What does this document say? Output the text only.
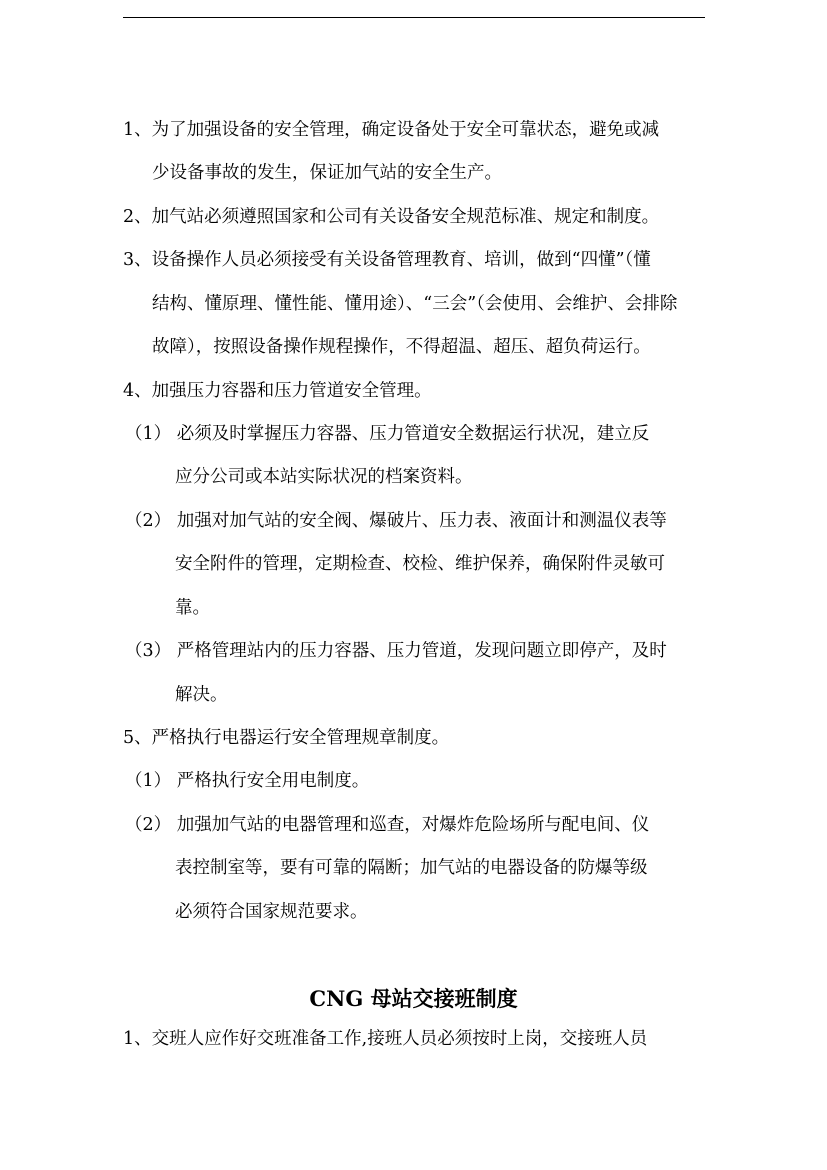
1、为了加强设备的安全管理，确定设备处于安全可靠状态，避免或减
少设备事故的发生，保证加气站的安全生产。
2、加气站必须遵照国家和公司有关设备安全规范标准、规定和制度。
3、设备操作人员必须接受有关设备管理教育、培训，做到“四懂”（懂
结构、懂原理、懂性能、懂用途）、“三会”（会使用、会维护、会排除
故障），按照设备操作规程操作，不得超温、超压、超负荷运行。
4、加强压力容器和压力管道安全管理。
（1） 必须及时掌握压力容器、压力管道安全数据运行状况，建立反
应分公司或本站实际状况的档案资料。
（2） 加强对加气站的安全阀、爆破片、压力表、液面计和测温仪表等
安全附件的管理，定期检查、校检、维护保养，确保附件灵敏可
靠。
（3） 严格管理站内的压力容器、压力管道，发现问题立即停产，及时
解决。
5、严格执行电器运行安全管理规章制度。
（1） 严格执行安全用电制度。
（2） 加强加气站的电器管理和巡查，对爆炸危险场所与配电间、仪
表控制室等，要有可靠的隔断；加气站的电器设备的防爆等级
必须符合国家规范要求。
CNG 母站交接班制度
1、交班人应作好交班准备工作,接班人员必须按时上岗，交接班人员
